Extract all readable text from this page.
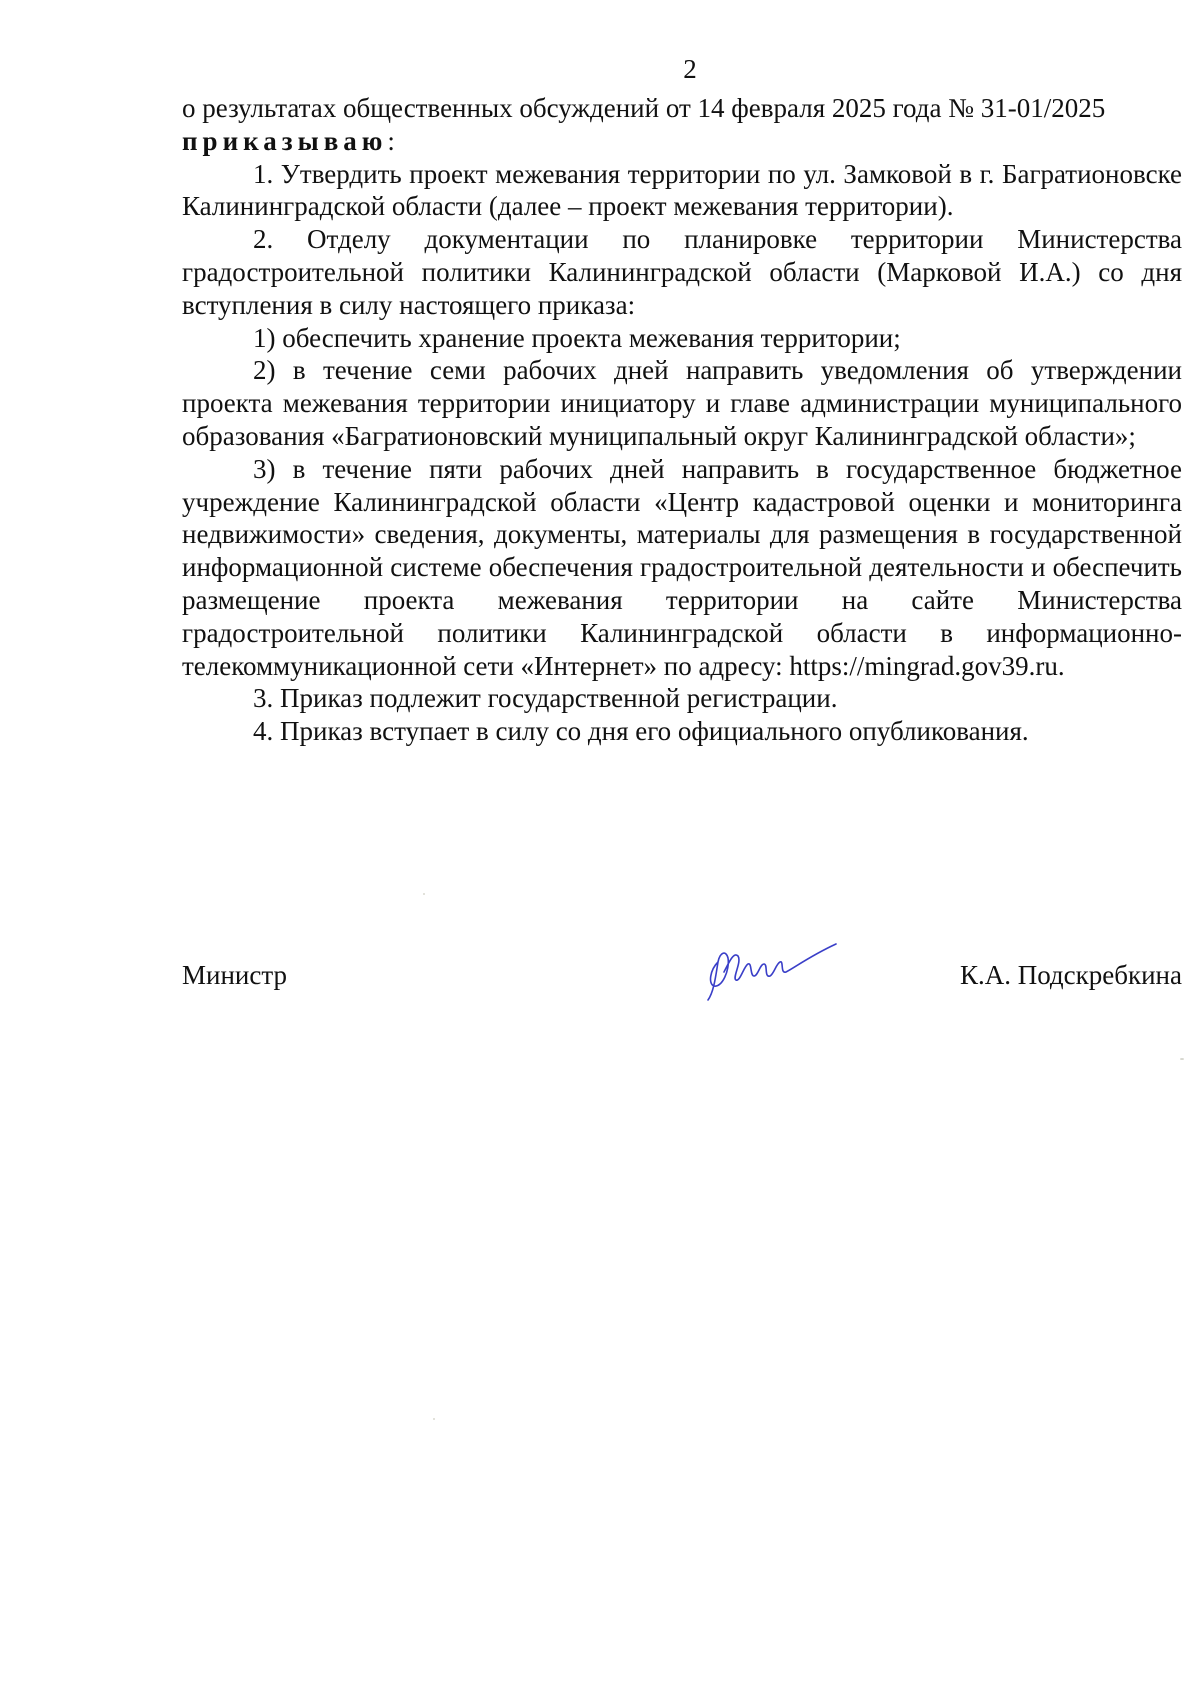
2

о результатах общественных обсуждений от 14 февраля 2025 года № 31-01/2025
приказываю:

1. Утвердить проект межевания территории по ул. Замковой в г. Багратионовске Калининградской области (далее – проект межевания территории).

2. Отделу документации по планировке территории Министерства градостроительной политики Калининградской области (Марковой И.А.) со дня вступления в силу настоящего приказа:

1) обеспечить хранение проекта межевания территории;

2) в течение семи рабочих дней направить уведомления об утверждении проекта межевания территории инициатору и главе администрации муниципального образования «Багратионовский муниципальный округ Калининградской области»;

3) в течение пяти рабочих дней направить в государственное бюджетное учреждение Калининградской области «Центр кадастровой оценки и мониторинга недвижимости» сведения, документы, материалы для размещения в государственной информационной системе обеспечения градостроительной деятельности и обеспечить размещение проекта межевания территории на сайте Министерства градостроительной политики Калининградской области в информационно-телекоммуникационной сети «Интернет» по адресу: https://mingrad.gov39.ru.

3. Приказ подлежит государственной регистрации.

4. Приказ вступает в силу со дня его официального опубликования.

Министр	К.А. Подскребкина
